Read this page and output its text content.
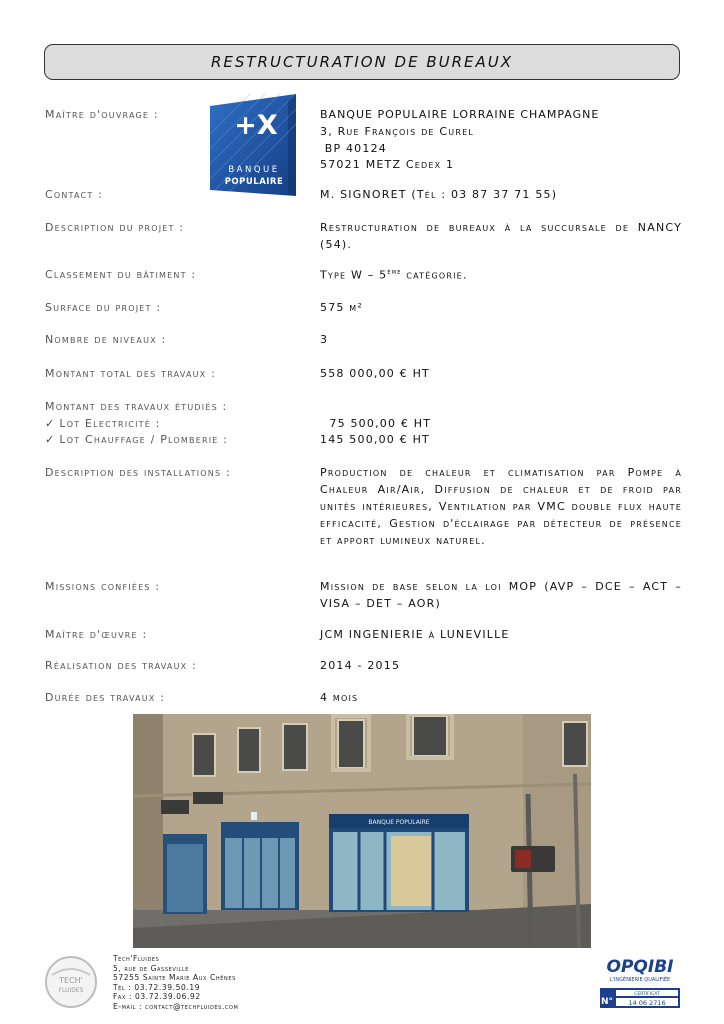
RESTRUCTURATION DE BUREAUX
+X
BANQUE
POPULAIRE
Maître d'ouvrage :	BANQUE POPULAIRE LORRAINE CHAMPAGNE
3, Rue François de Curel
BP 40124
57021 METZ Cedex 1
Contact :	M. SIGNORET (Tél : 03 87 37 71 55)
Description du projet :	Restructuration de bureaux à la succursale de NANCY (54).
Classement du bâtiment :	Type W – 5ème catégorie.
Surface du projet :	575 m²
Nombre de niveaux :	3
Montant total des travaux :	558 000,00 € HT
Montant des travaux étudiés :
✓ Lot Electricité :	75 500,00 € HT
✓ Lot Chauffage / Plomberie :	145 500,00 € HT
Description des installations :	Production de chaleur et climatisation par Pompe à Chaleur Air/Air, Diffusion de chaleur et de froid par unités intérieures, Ventilation par VMC double flux haute efficacité, Gestion d'éclairage par détecteur de présence et apport lumineux naturel.
Missions confiées :	Mission de base selon la loi MOP (AVP – DCE – ACT – VISA – DET – AOR)
Maître d'œuvre :	JCM INGENIERIE à LUNEVILLE
Réalisation des travaux :	2014 - 2015
Durée des travaux :	4 mois
BANQUE POPULAIRE
TECH'
FLUIDES
Tech'Fluides
5, rue de Gasseville
57255 Sainte Marie Aux Chênes
Tél : 03.72.39.50.19
Fax : 03.72.39.06.92
E-mail : contact@techfluides.com
OPQIBI
L'INGÉNIERIE QUALIFIÉE
N°
CERTIFICAT
14 06 2716
